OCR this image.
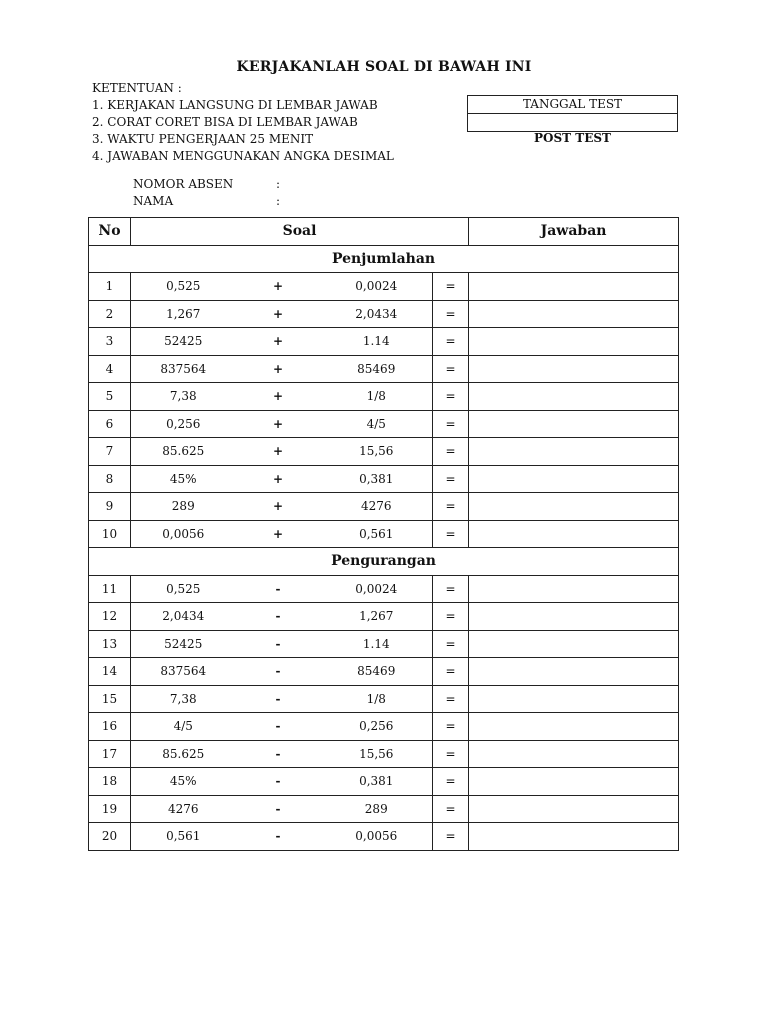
KERJAKANLAH SOAL DI BAWAH INI
KETENTUAN :
1. KERJAKAN LANGSUNG DI LEMBAR JAWAB
2. CORAT CORET BISA DI LEMBAR JAWAB
3. WAKTU PENGERJAAN 25 MENIT
4. JAWABAN MENGGUNAKAN ANGKA DESIMAL
TANGGAL TEST
POST TEST
NOMOR ABSEN	:
NAMA	:
No	Soal				Jawaban
Penjumlahan					
1	0,525	+	0,0024	=	
2	1,267	+	2,0434	=	
3	52425	+	1.14	=	
4	837564	+	85469	=	
5	7,38	+	1/8	=	
6	0,256	+	4/5	=	
7	85.625	+	15,56	=	
8	45%	+	0,381	=	
9	289	+	4276	=	
10	0,0056	+	0,561	=	
Pengurangan					
11	0,525	-	0,0024	=	
12	2,0434	-	1,267	=	
13	52425	-	1.14	=	
14	837564	-	85469	=	
15	7,38	-	1/8	=	
16	4/5	-	0,256	=	
17	85.625	-	15,56	=	
18	45%	-	0,381	=	
19	4276	-	289	=	
20	0,561	-	0,0056	=	
